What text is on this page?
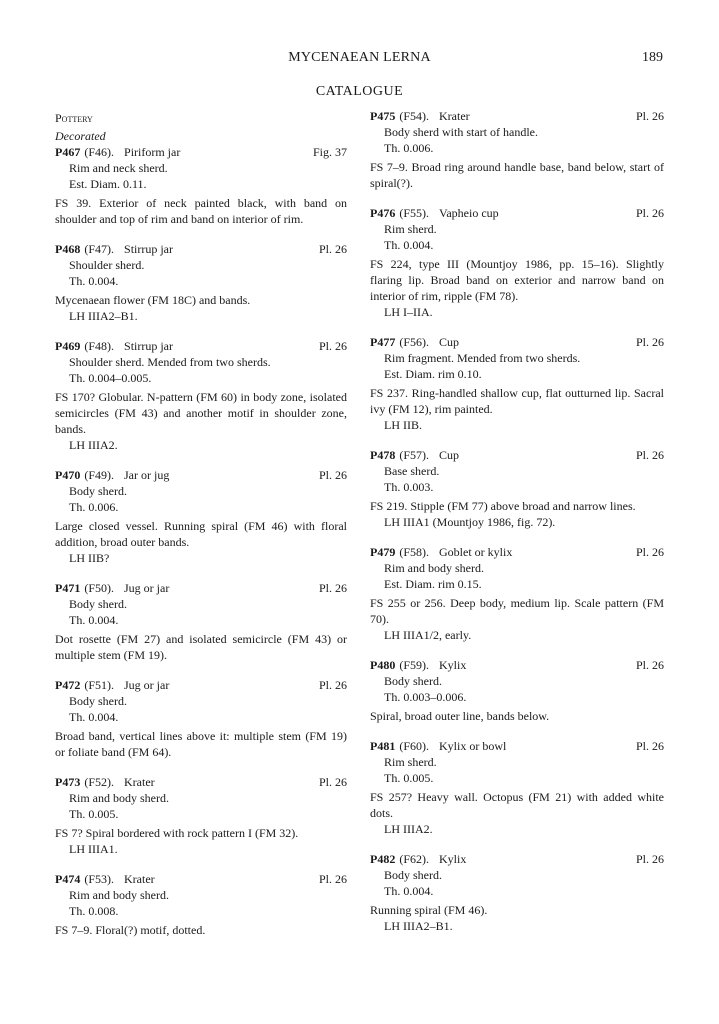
MYCENAEAN LERNA	189
CATALOGUE
Pottery
Decorated
P467 (F46). Piriform jar	Fig. 37
Rim and neck sherd.
Est. Diam. 0.11.
FS 39. Exterior of neck painted black, with band on shoulder and top of rim and band on interior of rim.
P468 (F47). Stirrup jar	Pl. 26
Shoulder sherd.
Th. 0.004.
Mycenaean flower (FM 18C) and bands.
LH IIIA2–B1.
P469 (F48). Stirrup jar	Pl. 26
Shoulder sherd. Mended from two sherds.
Th. 0.004–0.005.
FS 170? Globular. N-pattern (FM 60) in body zone, isolated semicircles (FM 43) and another motif in shoulder zone, bands.
LH IIIA2.
P470 (F49). Jar or jug	Pl. 26
Body sherd.
Th. 0.006.
Large closed vessel. Running spiral (FM 46) with floral addition, broad outer bands.
LH IIB?
P471 (F50). Jug or jar	Pl. 26
Body sherd.
Th. 0.004.
Dot rosette (FM 27) and isolated semicircle (FM 43) or multiple stem (FM 19).
P472 (F51). Jug or jar	Pl. 26
Body sherd.
Th. 0.004.
Broad band, vertical lines above it: multiple stem (FM 19) or foliate band (FM 64).
P473 (F52). Krater	Pl. 26
Rim and body sherd.
Th. 0.005.
FS 7? Spiral bordered with rock pattern I (FM 32).
LH IIIA1.
P474 (F53). Krater	Pl. 26
Rim and body sherd.
Th. 0.008.
FS 7–9. Floral(?) motif, dotted.
P475 (F54). Krater	Pl. 26
Body sherd with start of handle.
Th. 0.006.
FS 7–9. Broad ring around handle base, band below, start of spiral(?).
P476 (F55). Vapheio cup	Pl. 26
Rim sherd.
Th. 0.004.
FS 224, type III (Mountjoy 1986, pp. 15–16). Slightly flaring lip. Broad band on exterior and narrow band on interior of rim, ripple (FM 78).
LH I–IIA.
P477 (F56). Cup	Pl. 26
Rim fragment. Mended from two sherds.
Est. Diam. rim 0.10.
FS 237. Ring-handled shallow cup, flat outturned lip. Sacral ivy (FM 12), rim painted.
LH IIB.
P478 (F57). Cup	Pl. 26
Base sherd.
Th. 0.003.
FS 219. Stipple (FM 77) above broad and narrow lines.
LH IIIA1 (Mountjoy 1986, fig. 72).
P479 (F58). Goblet or kylix	Pl. 26
Rim and body sherd.
Est. Diam. rim 0.15.
FS 255 or 256. Deep body, medium lip. Scale pattern (FM 70).
LH IIIA1/2, early.
P480 (F59). Kylix	Pl. 26
Body sherd.
Th. 0.003–0.006.
Spiral, broad outer line, bands below.
P481 (F60). Kylix or bowl	Pl. 26
Rim sherd.
Th. 0.005.
FS 257? Heavy wall. Octopus (FM 21) with added white dots.
LH IIIA2.
P482 (F62). Kylix	Pl. 26
Body sherd.
Th. 0.004.
Running spiral (FM 46).
LH IIIA2–B1.
